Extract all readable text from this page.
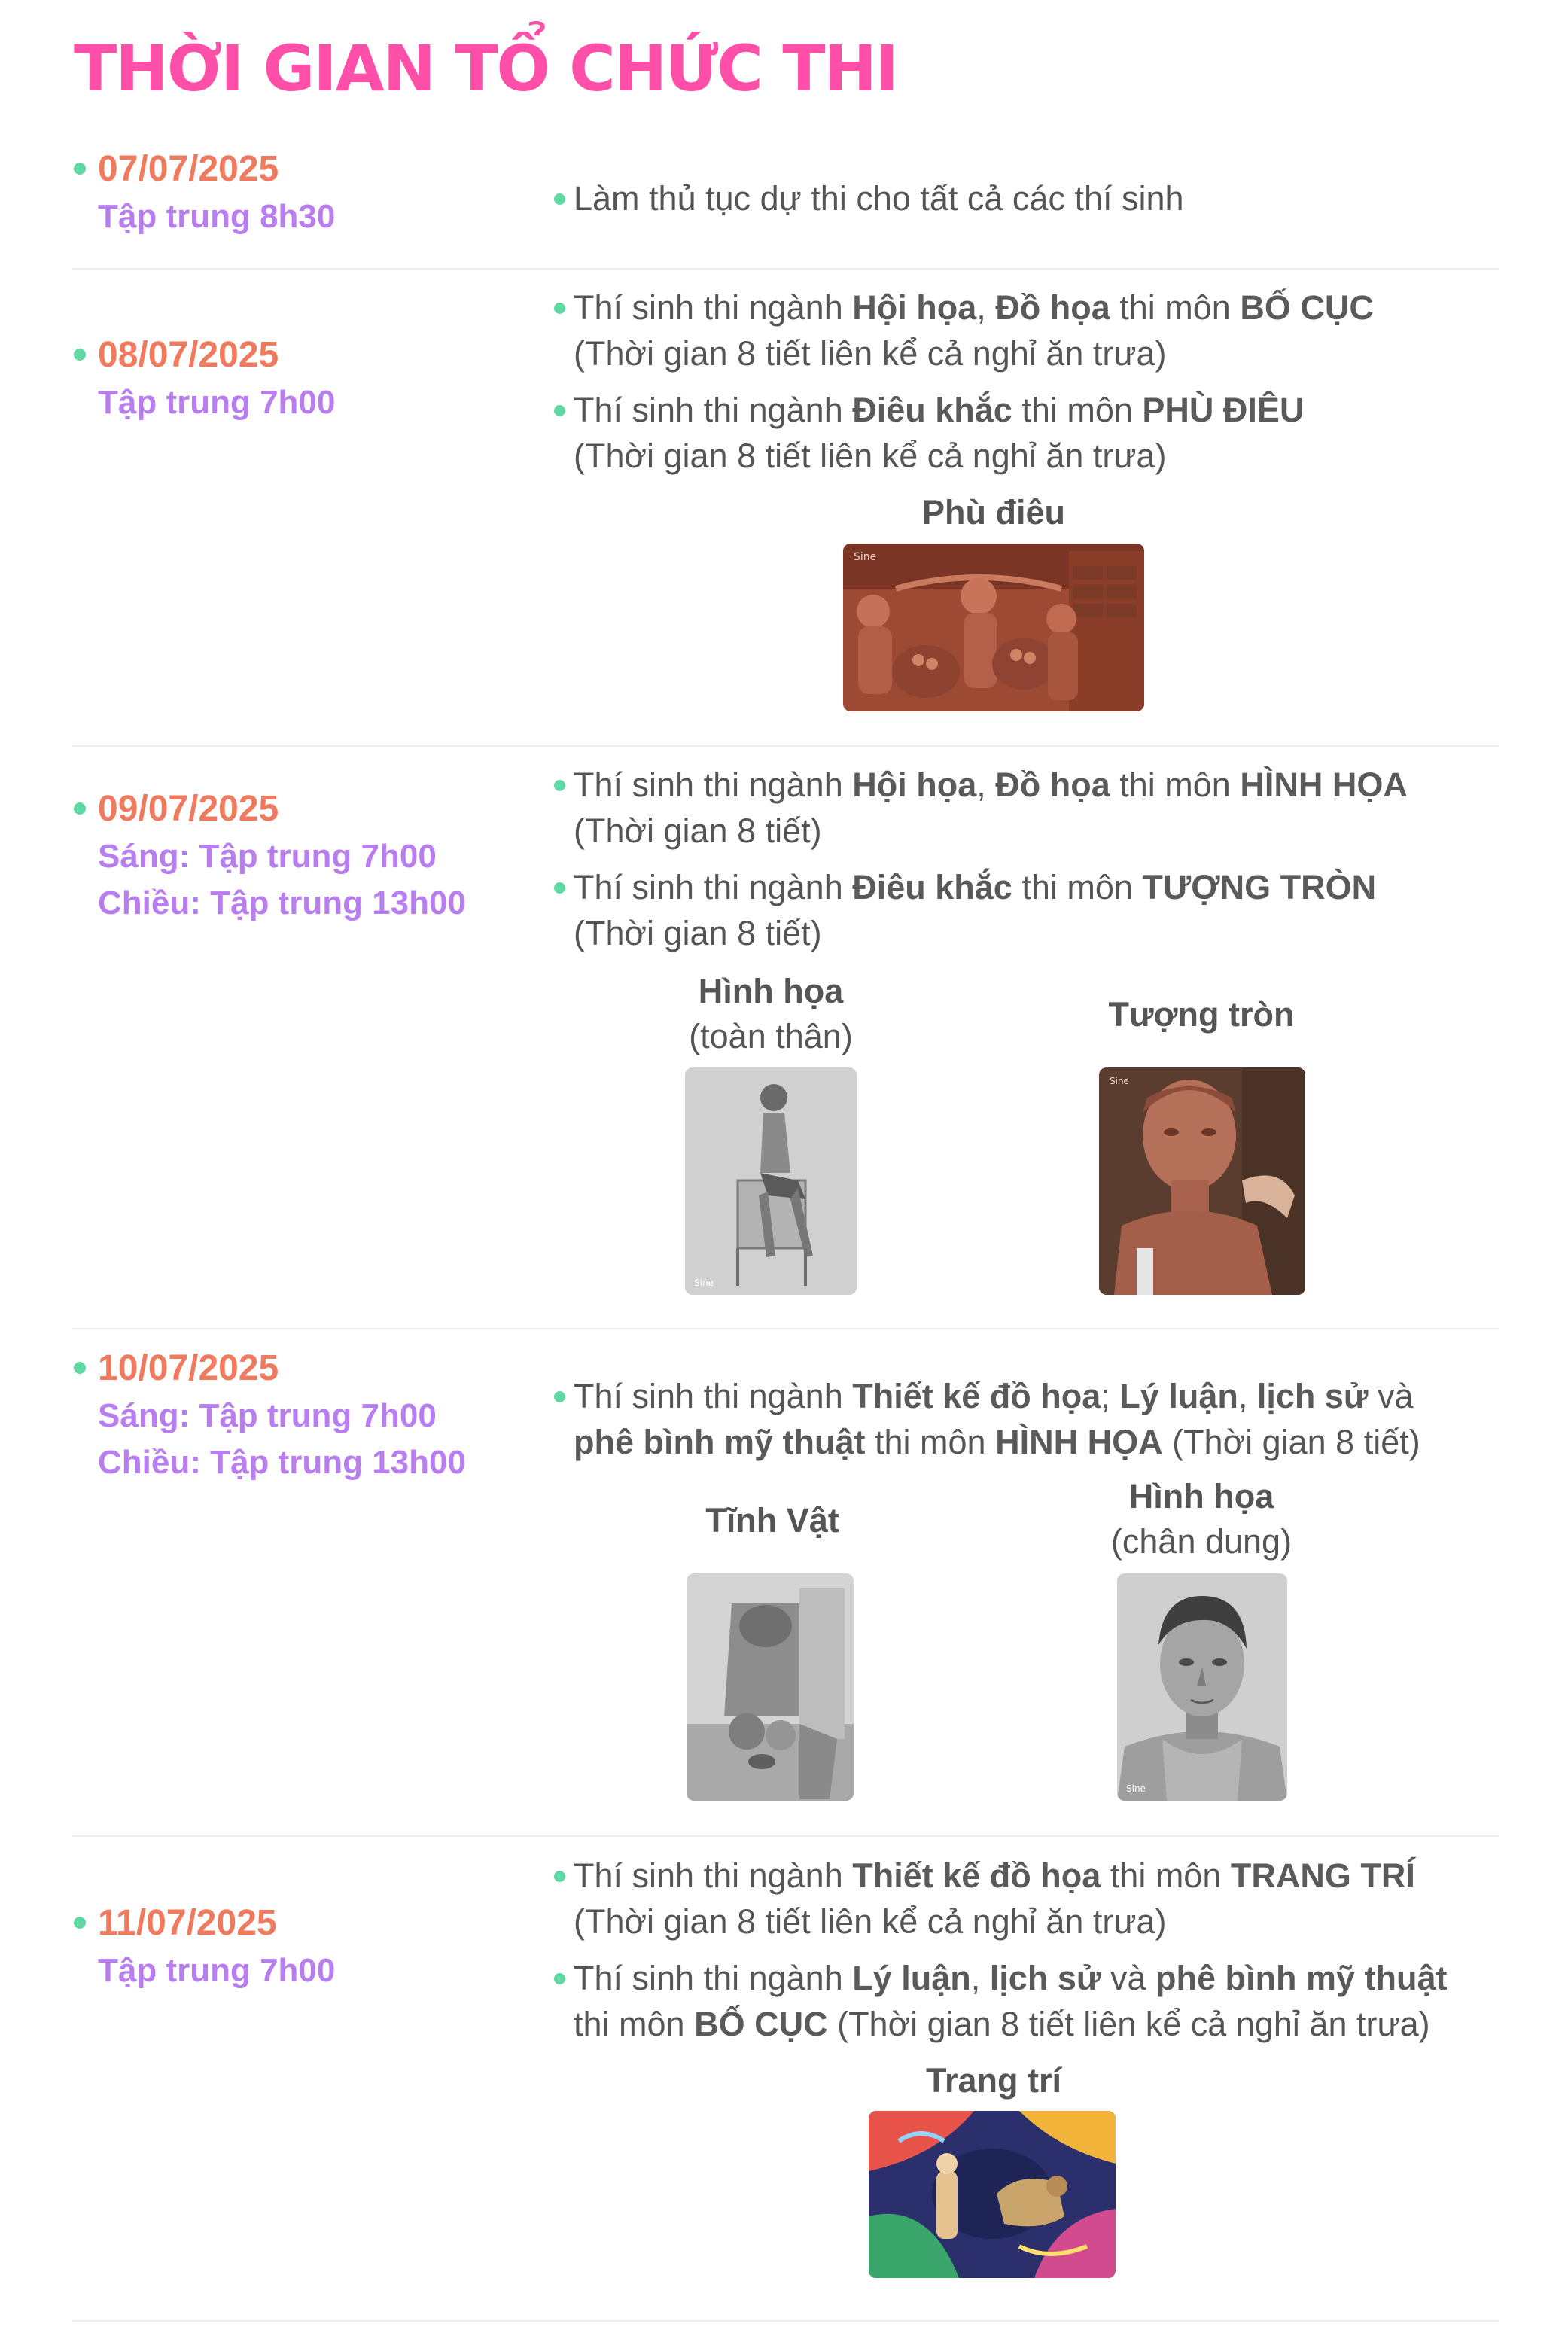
THỜI GIAN TỔ CHỨC THI
07/07/2025
Tập trung 8h30	Làm thủ tục dự thi cho tất cả các thí sinh
08/07/2025
Tập trung 7h00
Thí sinh thi ngành Hội họa, Đồ họa thi môn BỐ CỤC
(Thời gian 8 tiết liên kể cả nghỉ ăn trưa)
Thí sinh thi ngành Điêu khắc thi môn PHÙ ĐIÊU
(Thời gian 8 tiết liên kể cả nghỉ ăn trưa)
Phù điêu
Sine
09/07/2025
Sáng: Tập trung 7h00
Chiều: Tập trung 13h00
Thí sinh thi ngành Hội họa, Đồ họa thi môn HÌNH HỌA
(Thời gian 8 tiết)
Thí sinh thi ngành Điêu khắc thi môn TƯỢNG TRÒN
(Thời gian 8 tiết)
Hình họa
(toàn thân)
Sine
Tượng tròn
Sine
10/07/2025
Sáng: Tập trung 7h00
Chiều: Tập trung 13h00
Thí sinh thi ngành Thiết kế đồ họa; Lý luận, lịch sử và
phê bình mỹ thuật thi môn HÌNH HỌA (Thời gian 8 tiết)
Tĩnh Vật
Hình họa
(chân dung)
Sine
11/07/2025
Tập trung 7h00
Thí sinh thi ngành Thiết kế đồ họa thi môn TRANG TRÍ
(Thời gian 8 tiết liên kể cả nghỉ ăn trưa)
Thí sinh thi ngành Lý luận, lịch sử và phê bình mỹ thuật
thi môn BỐ CỤC (Thời gian 8 tiết liên kể cả nghỉ ăn trưa)
Trang trí
